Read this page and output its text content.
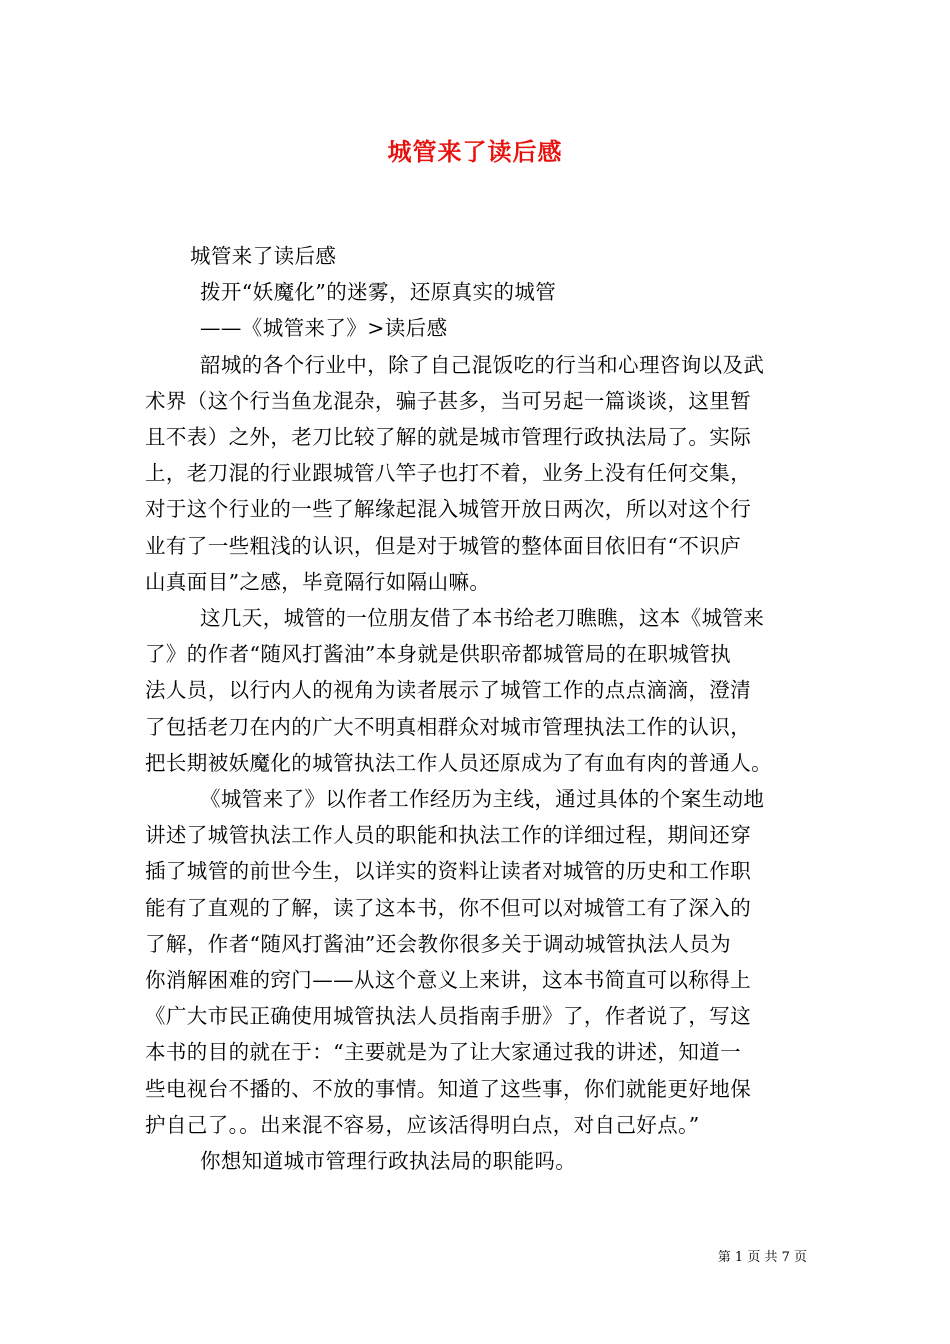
城管来了读后感

城管来了读后感

拨开“妖魔化”的迷雾，还原真实的城管

——《城管来了》>读后感

韶城的各个行业中，除了自己混饭吃的行当和心理咨询以及武

术界（这个行当鱼龙混杂，骗子甚多，当可另起一篇谈谈，这里暂

且不表）之外，老刀比较了解的就是城市管理行政执法局了。实际

上，老刀混的行业跟城管八竿子也打不着，业务上没有任何交集，

对于这个行业的一些了解缘起混入城管开放日两次，所以对这个行

业有了一些粗浅的认识，但是对于城管的整体面目依旧有“不识庐

山真面目”之感，毕竟隔行如隔山嘛。

这几天，城管的一位朋友借了本书给老刀瞧瞧，这本《城管来

了》的作者“随风打酱油”本身就是供职帝都城管局的在职城管执

法人员，以行内人的视角为读者展示了城管工作的点点滴滴，澄清

了包括老刀在内的广大不明真相群众对城市管理执法工作的认识，

把长期被妖魔化的城管执法工作人员还原成为了有血有肉的普通人。

《城管来了》以作者工作经历为主线，通过具体的个案生动地

讲述了城管执法工作人员的职能和执法工作的详细过程，期间还穿

插了城管的前世今生，以详实的资料让读者对城管的历史和工作职

能有了直观的了解，读了这本书，你不但可以对城管工有了深入的

了解，作者“随风打酱油”还会教你很多关于调动城管执法人员为

你消解困难的窍门——从这个意义上来讲，这本书简直可以称得上

《广大市民正确使用城管执法人员指南手册》了，作者说了，写这

本书的目的就在于：“主要就是为了让大家通过我的讲述，知道一

些电视台不播的、不放的事情。知道了这些事，你们就能更好地保

护自己了。。出来混不容易，应该活得明白点，对自己好点。”

你想知道城市管理行政执法局的职能吗。

第 1 页 共 7 页
